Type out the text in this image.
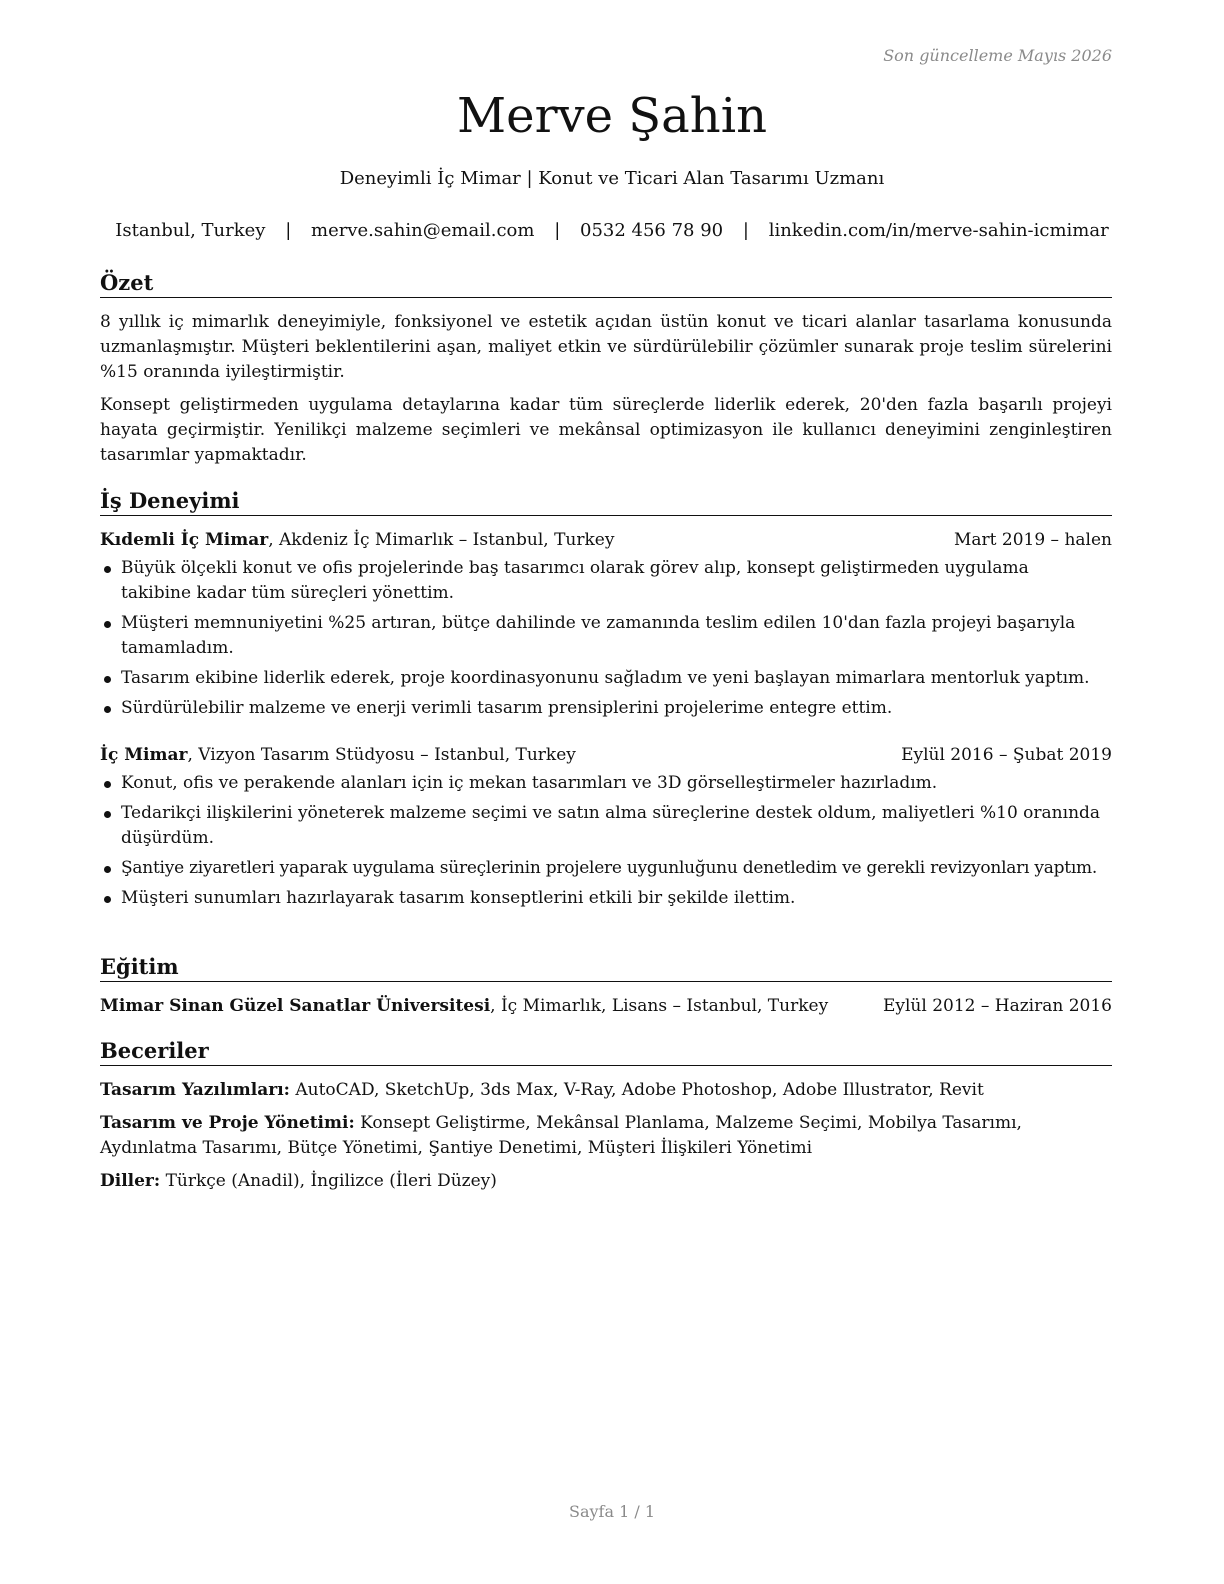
Son güncelleme Mayıs 2026
Merve Şahin
Deneyimli İç Mimar | Konut ve Ticari Alan Tasarımı Uzmanı
Istanbul, Turkey | merve.sahin@email.com | 0532 456 78 90 | linkedin.com/in/merve-sahin-icmimar
Özet

8 yıllık iç mimarlık deneyimiyle, fonksiyonel ve estetik açıdan üstün konut ve ticari alanlar tasarlama konusunda uzmanlaşmıştır. Müşteri beklentilerini aşan, maliyet etkin ve sürdürülebilir çözümler sunarak proje teslim sürelerini %15 oranında iyileştirmiştir.

Konsept geliştirmeden uygulama detaylarına kadar tüm süreçlerde liderlik ederek, 20'den fazla başarılı projeyi hayata geçirmiştir. Yenilikçi malzeme seçimleri ve mekânsal optimizasyon ile kullanıcı deneyimini zenginleştiren tasarımlar yapmaktadır.

İş Deneyimi
Kıdemli İç Mimar, Akdeniz İç Mimarlık – Istanbul, Turkey	Mart 2019 – halen
Büyük ölçekli konut ve ofis projelerinde baş tasarımcı olarak görev alıp, konsept geliştirmeden uygulama takibine kadar tüm süreçleri yönettim.
Müşteri memnuniyetini %25 artıran, bütçe dahilinde ve zamanında teslim edilen 10'dan fazla projeyi başarıyla tamamladım.
Tasarım ekibine liderlik ederek, proje koordinasyonunu sağladım ve yeni başlayan mimarlara mentorluk yaptım.
Sürdürülebilir malzeme ve enerji verimli tasarım prensiplerini projelerime entegre ettim.
İç Mimar, Vizyon Tasarım Stüdyosu – Istanbul, Turkey	Eylül 2016 – Şubat 2019
Konut, ofis ve perakende alanları için iç mekan tasarımları ve 3D görselleştirmeler hazırladım.
Tedarikçi ilişkilerini yöneterek malzeme seçimi ve satın alma süreçlerine destek oldum, maliyetleri %10 oranında düşürdüm.
Şantiye ziyaretleri yaparak uygulama süreçlerinin projelere uygunluğunu denetledim ve gerekli revizyonları yaptım.
Müşteri sunumları hazırlayarak tasarım konseptlerini etkili bir şekilde ilettim.
Eğitim
Mimar Sinan Güzel Sanatlar Üniversitesi, İç Mimarlık, Lisans – Istanbul, Turkey	Eylül 2012 – Haziran 2016
Beceriler
Tasarım Yazılımları: AutoCAD, SketchUp, 3ds Max, V-Ray, Adobe Photoshop, Adobe Illustrator, Revit
Tasarım ve Proje Yönetimi: Konsept Geliştirme, Mekânsal Planlama, Malzeme Seçimi, Mobilya Tasarımı, Aydınlatma Tasarımı, Bütçe Yönetimi, Şantiye Denetimi, Müşteri İlişkileri Yönetimi
Diller: Türkçe (Anadil), İngilizce (İleri Düzey)
Sayfa 1 / 1
